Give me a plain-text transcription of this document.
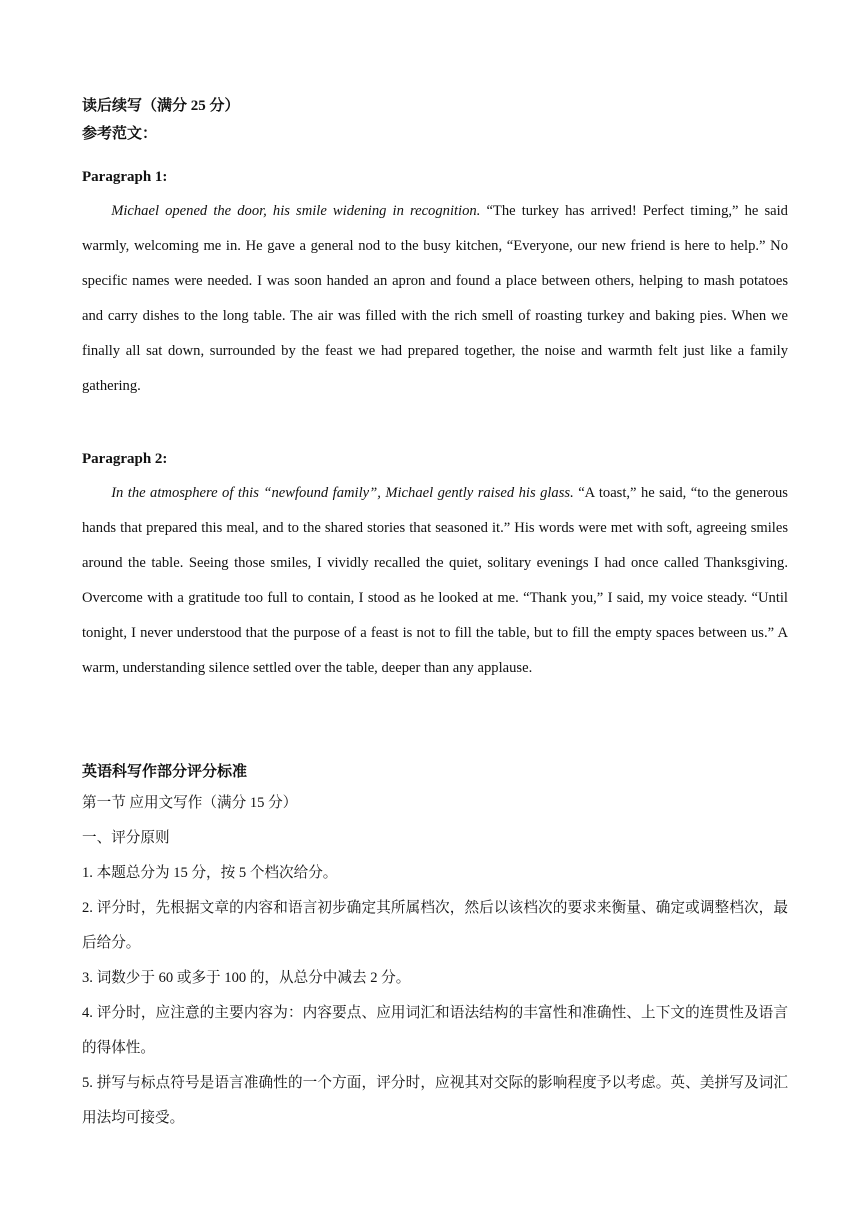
读后续写（满分 25 分）

参考范文：

Paragraph 1:

Michael opened the door, his smile widening in recognition. “The turkey has arrived! Perfect timing,” he said warmly, welcoming me in. He gave a general nod to the busy kitchen, “Everyone, our new friend is here to help.” No specific names were needed. I was soon handed an apron and found a place between others, helping to mash potatoes and carry dishes to the long table. The air was filled with the rich smell of roasting turkey and baking pies. When we finally all sat down, surrounded by the feast we had prepared together, the noise and warmth felt just like a family gathering.

Paragraph 2:

In the atmosphere of this “newfound family”, Michael gently raised his glass. “A toast,” he said, “to the generous hands that prepared this meal, and to the shared stories that seasoned it.” His words were met with soft, agreeing smiles around the table. Seeing those smiles, I vividly recalled the quiet, solitary evenings I had once called Thanksgiving. Overcome with a gratitude too full to contain, I stood as he looked at me. “Thank you,” I said, my voice steady. “Until tonight, I never understood that the purpose of a feast is not to fill the table, but to fill the empty spaces between us.” A warm, understanding silence settled over the table, deeper than any applause.

英语科写作部分评分标准

第一节 应用文写作（满分 15 分）

一、评分原则

1. 本题总分为 15 分，按 5 个档次给分。

2. 评分时，先根据文章的内容和语言初步确定其所属档次，然后以该档次的要求来衡量、确定或调整档次，最后给分。

3. 词数少于 60 或多于 100 的，从总分中减去 2 分。

4. 评分时，应注意的主要内容为：内容要点、应用词汇和语法结构的丰富性和准确性、上下文的连贯性及语言的得体性。

5. 拼写与标点符号是语言准确性的一个方面，评分时，应视其对交际的影响程度予以考虑。英、美拼写及词汇用法均可接受。
